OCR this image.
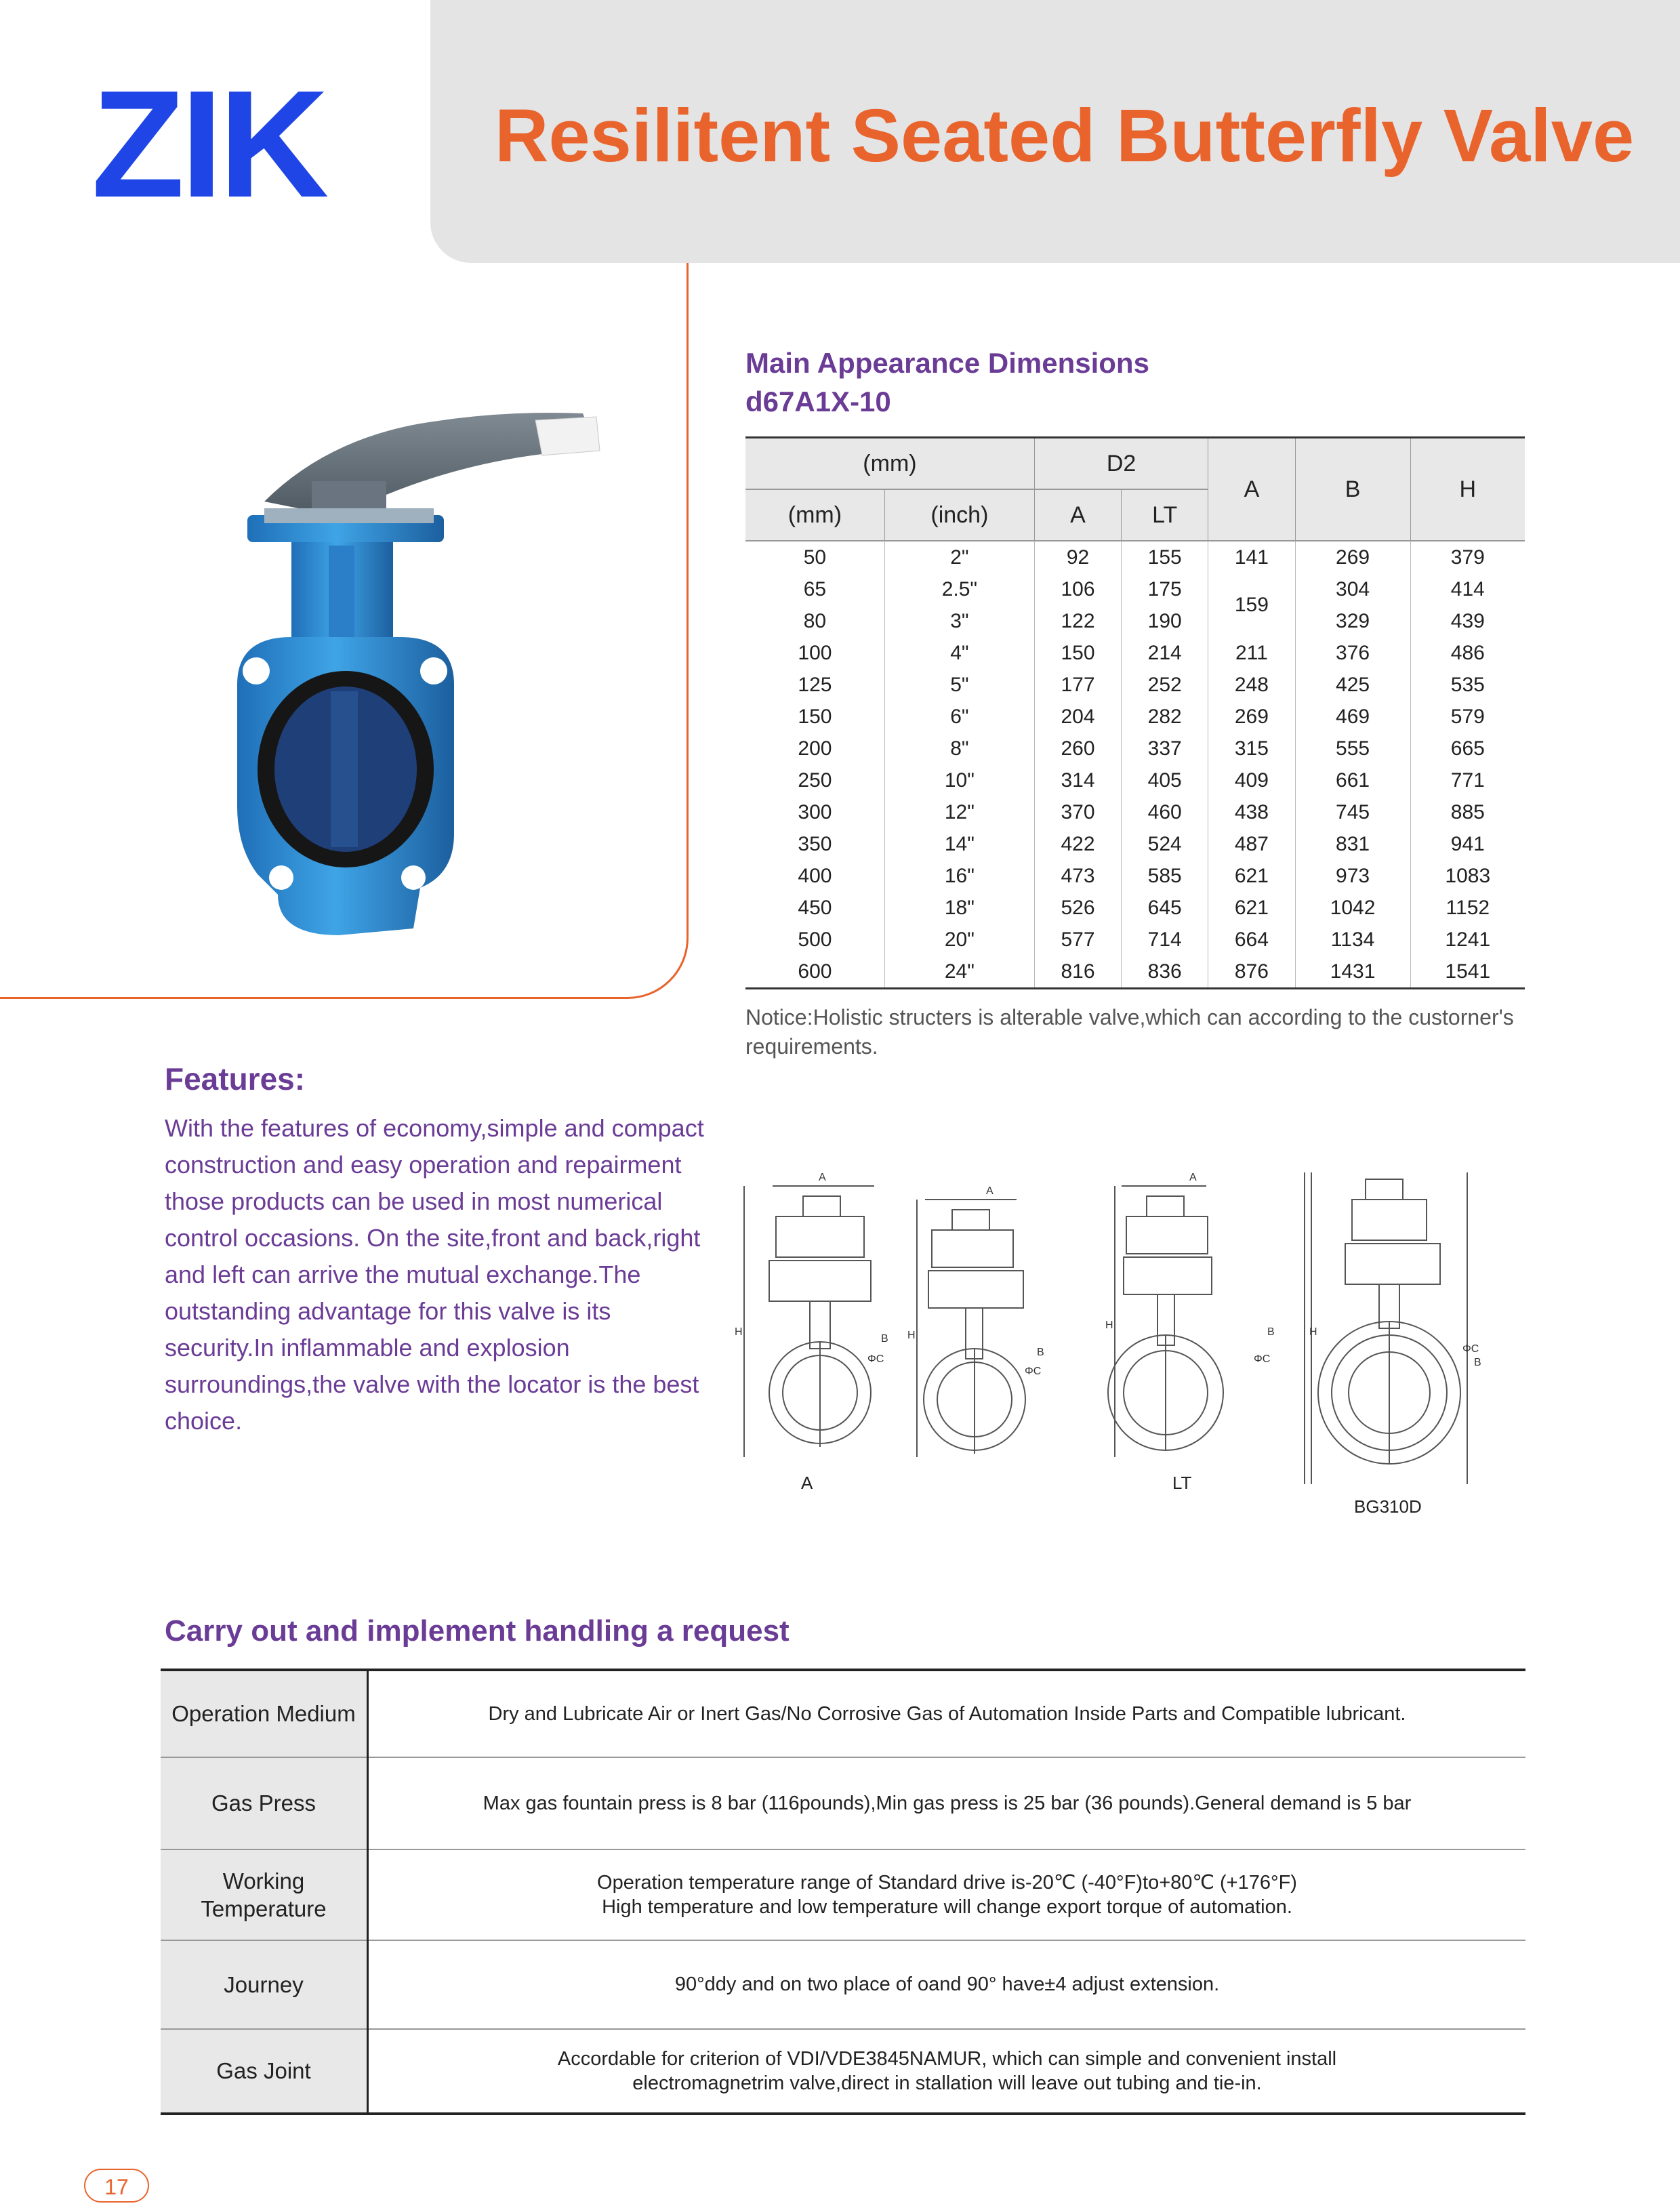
ZIK Resilitent Seated Butterfly Valve
Main Appearance Dimensions
d67A1X-10
(mm)		D2		A	B	H
(mm)	(inch)	A	LT			
50	2"	92	155	141	269	379
65	2.5"	106	175	159	304	414
80	3"	122	190		329	439
100	4"	150	214	211	376	486
125	5"	177	252	248	425	535
150	6"	204	282	269	469	579
200	8"	260	337	315	555	665
250	10"	314	405	409	661	771
300	12"	370	460	438	745	885
350	14"	422	524	487	831	941
400	16"	473	585	621	973	1083
450	18"	526	645	621	1042	1152
500	20"	577	714	664	1134	1241
600	24"	816	836	876	1431	1541
Notice:Holistic structers is alterable valve,which can according to the custorner's requirements.
Features:
With the features of economy,simple and compact construction and easy operation and repairment those products can be used in most numerical control occasions. On the site,front and back,right and left can arrive the mutual exchange.The outstanding advantage for this valve is its security.In inflammable and explosion surroundings,the valve with the locator is the best choice.
A
H
B
ΦC
A
H
B
ΦC
A
H
B
ΦC
H
B
ΦC
A	LT
BG310D
Carry out and implement handling a request
Operation Medium	Dry and Lubricate Air or Inert Gas/No Corrosive Gas of Automation Inside Parts and Compatible lubricant.
Gas Press	Max gas fountain press is 8 bar (116pounds),Min gas press is 25 bar (36 pounds).General demand is 5 bar
Working Temperature	Operation temperature range of Standard drive is-20℃ (-40°F)to+80℃ (+176°F)
High temperature and low temperature will change export torque of automation.

Journey	90°ddy and on two place of oand 90° have±4 adjust extension.
Gas Joint	Accordable for criterion of VDI/VDE3845NAMUR, which can simple and convenient install
electromagnetrim valve,direct in stallation will leave out tubing and tie-in.
17
